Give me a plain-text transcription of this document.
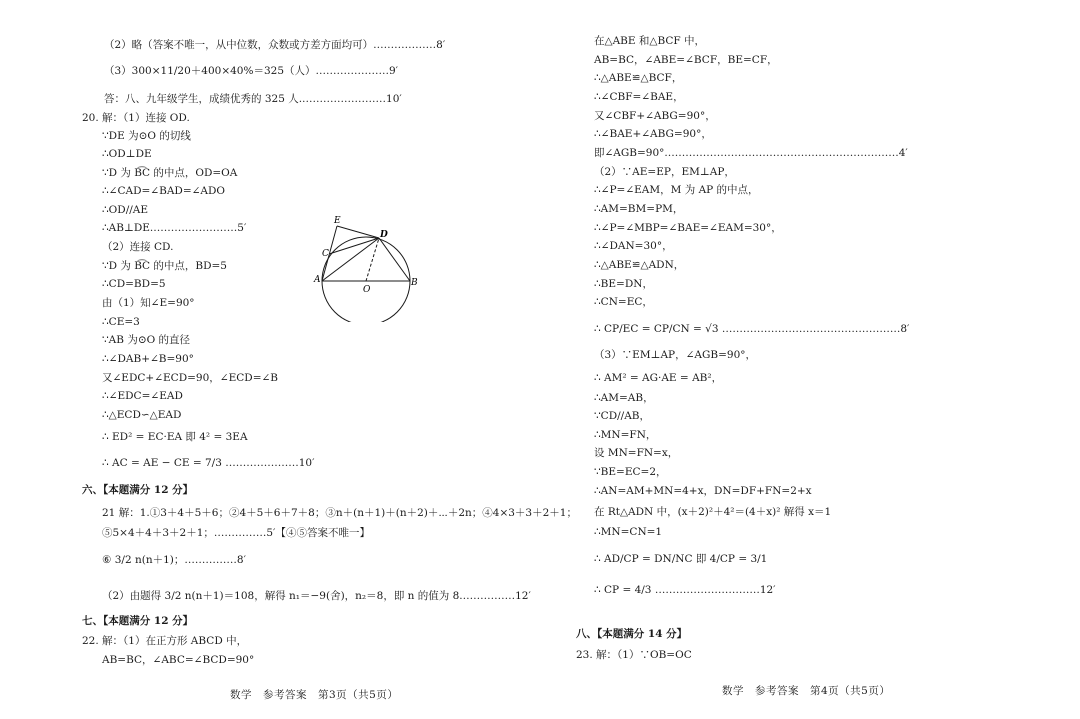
（2）略（答案不唯一，从中位数，众数或方差方面均可）………………8′
（3）300×11/20＋400×40%＝325（人）…………………9′
答：八、九年级学生，成绩优秀的 325 人.……………………10′
20. 解：（1）连接 OD.
∵DE 为⊙O 的切线
∴OD⊥DE
∵D 为 B͡C 的中点，OD=OA
∴∠CAD=∠BAD=∠ADO
∴OD//AE
∴AB⊥DE.……………………5′
（2）连接 CD.
∵D 为 B͡C 的中点，BD=5
∴CD=BD=5
由（1）知∠E=90°
∴CE=3
∵AB 为⊙O 的直径
∴∠DAB+∠B=90°
又∠EDC+∠ECD=90，∠ECD=∠B
∴∠EDC=∠EAD
∴△ECD∽△EAD
∴ ED² = EC·EA 即 4² = 3EA
∴ AC = AE − CE = 7/3 …………………10′
六、【本题满分 12 分】
21 解：1.①3＋4＋5＋6；②4＋5＋6＋7＋8；③n＋(n＋1)＋(n＋2)＋⋯＋2n；④4×3＋3＋2＋1；
⑤5×4＋4＋3＋2＋1；……………5′【④⑤答案不唯一】
⑥ 3/2 n(n＋1)；……………8′
（2）由题得 3/2 n(n＋1)＝108，解得 n₁＝−9(舍)，n₂＝8，即 n 的值为 8.……………12′
七、【本题满分 12 分】
22. 解：（1）在正方形 ABCD 中，
AB=BC，∠ABC=∠BCD=90°
数学　参考答案　第3页（共5页）
E
C
D
A
O
B
在△ABE 和△BCF 中，
AB=BC，∠ABE=∠BCF，BE=CF，
∴△ABE≌△BCF，
∴∠CBF=∠BAE，
又∠CBF+∠ABG=90°，
∴∠BAE+∠ABG=90°，
即∠AGB=90°.…………………………………………………………4′
（2）∵AE=EP，EM⊥AP，
∴∠P=∠EAM，M 为 AP 的中点，
∴AM=BM=PM，
∴∠P=∠MBP=∠BAE=∠EAM=30°，
∴∠DAN=30°，
∴△ABE≌△ADN，
∴BE=DN，
∴CN=EC，
∴ CP/EC = CP/CN = √3 ……………………………………………8′
（3）∵EM⊥AP，∠AGB=90°，
∴ AM² = AG·AE = AB²，
∴AM=AB，
∵CD//AB，
∴MN=FN，
设 MN=FN=x，
∵BE=EC=2，
∴AN=AM+MN=4+x，DN=DF+FN=2+x
在 Rt△ADN 中，(x＋2)²＋4²＝(4＋x)² 解得 x＝1
∴MN=CN=1
∴ AD/CP = DN/NC 即 4/CP = 3/1
∴ CP = 4/3 …………………………12′
八、【本题满分 14 分】
23. 解：（1）∵OB=OC
数学　参考答案　第4页（共5页）
